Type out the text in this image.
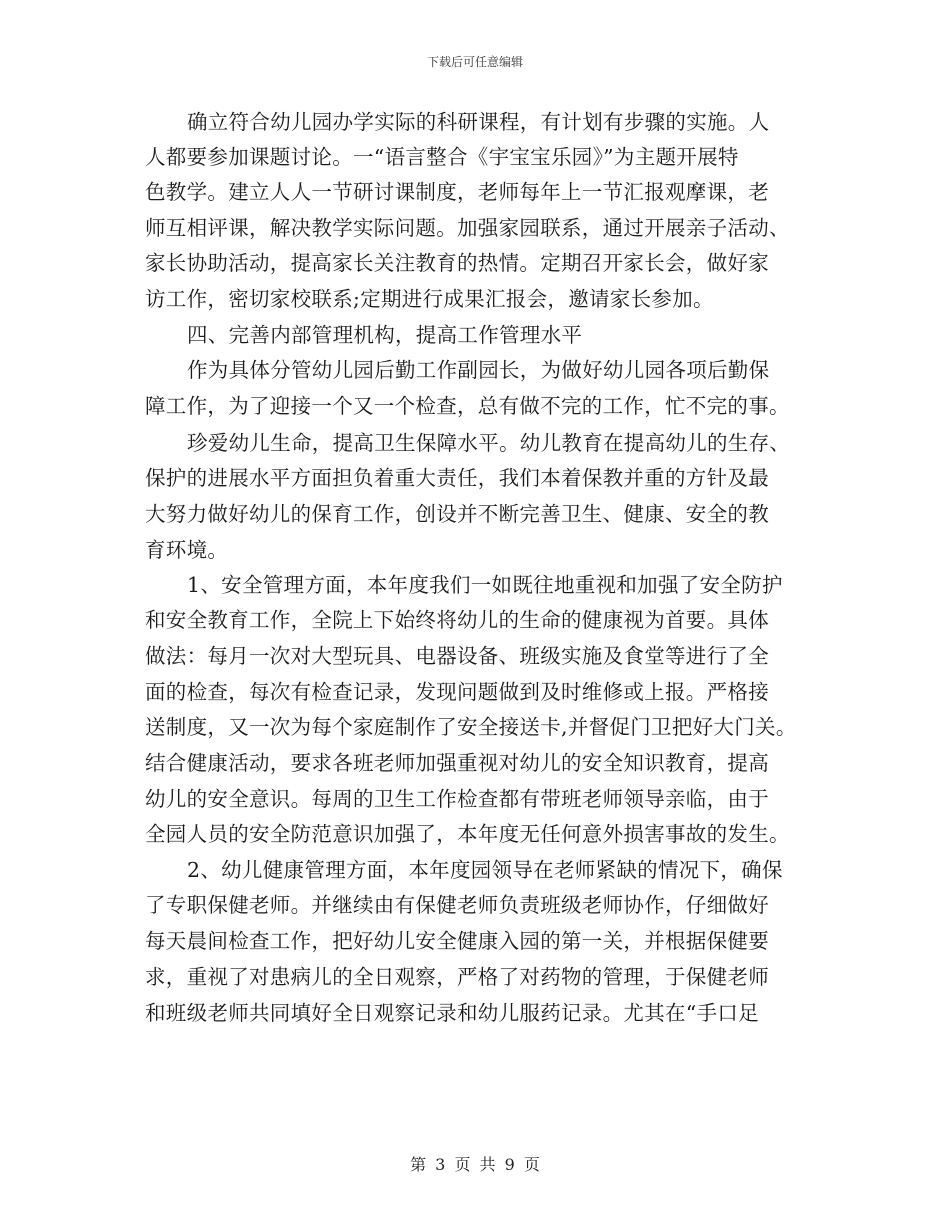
下载后可任意编辑
确立符合幼儿园办学实际的科研课程，有计划有步骤的实施。人
人都要参加课题讨论。一“语言整合《宇宝宝乐园》”为主题开展特
色教学。建立人人一节研讨课制度，老师每年上一节汇报观摩课，老
师互相评课，解决教学实际问题。加强家园联系，通过开展亲子活动、
家长协助活动，提高家长关注教育的热情。定期召开家长会，做好家
访工作，密切家校联系;定期进行成果汇报会，邀请家长参加。
四、完善内部管理机构，提高工作管理水平
作为具体分管幼儿园后勤工作副园长，为做好幼儿园各项后勤保
障工作，为了迎接一个又一个检查，总有做不完的工作，忙不完的事。
珍爱幼儿生命，提高卫生保障水平。幼儿教育在提高幼儿的生存、
保护的进展水平方面担负着重大责任，我们本着保教并重的方针及最
大努力做好幼儿的保育工作，创设并不断完善卫生、健康、安全的教
育环境。
1、安全管理方面，本年度我们一如既往地重视和加强了安全防护
和安全教育工作，全院上下始终将幼儿的生命的健康视为首要。具体
做法：每月一次对大型玩具、电器设备、班级实施及食堂等进行了全
面的检查，每次有检查记录，发现问题做到及时维修或上报。严格接
送制度，又一次为每个家庭制作了安全接送卡,并督促门卫把好大门关。
结合健康活动，要求各班老师加强重视对幼儿的安全知识教育，提高
幼儿的安全意识。每周的卫生工作检查都有带班老师领导亲临，由于
全园人员的安全防范意识加强了，本年度无任何意外损害事故的发生。
2、幼儿健康管理方面，本年度园领导在老师紧缺的情况下，确保
了专职保健老师。并继续由有保健老师负责班级老师协作，仔细做好
每天晨间检查工作，把好幼儿安全健康入园的第一关，并根据保健要
求，重视了对患病儿的全日观察，严格了对药物的管理，于保健老师
和班级老师共同填好全日观察记录和幼儿服药记录。尤其在“手口足
第 3 页 共 9 页
